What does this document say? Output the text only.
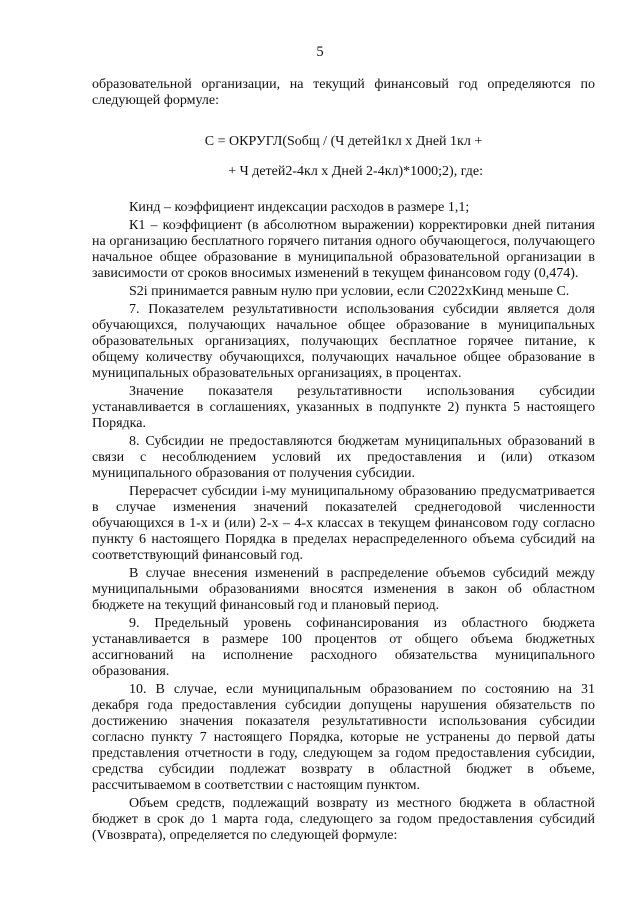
5

образовательной организации, на текущий финансовый год определяются по следующей формуле:

С = ОКРУГЛ(Sобщ / (Ч детей1кл х Дней 1кл +

+ Ч детей2-4кл х Дней 2-4кл)*1000;2), где:

Кинд – коэффициент индексации расходов в размере 1,1;

К1 – коэффициент (в абсолютном выражении) корректировки дней питания на организацию бесплатного горячего питания одного обучающегося, получающего начальное общее образование в муниципальной образовательной организации в зависимости от сроков вносимых изменений в текущем финансовом году (0,474).

S2i принимается равным нулю при условии, если С2022хКинд меньше С.

7. Показателем результативности использования субсидии является доля обучающихся, получающих начальное общее образование в муниципальных образовательных организациях, получающих бесплатное горячее питание, к общему количеству обучающихся, получающих начальное общее образование в муниципальных образовательных организациях, в процентах.

Значение показателя результативности использования субсидии устанавливается в соглашениях, указанных в подпункте 2) пункта 5 настоящего Порядка.

8. Субсидии не предоставляются бюджетам муниципальных образований в связи с несоблюдением условий их предоставления и (или) отказом муниципального образования от получения субсидии.

Перерасчет субсидии i-му муниципальному образованию предусматривается в случае изменения значений показателей среднегодовой численности обучающихся в 1-х и (или) 2-х – 4-х классах в текущем финансовом году согласно пункту 6 настоящего Порядка в пределах нераспределенного объема субсидий на соответствующий финансовый год.

В случае внесения изменений в распределение объемов субсидий между муниципальными образованиями вносятся изменения в закон об областном бюджете на текущий финансовый год и плановый период.

9. Предельный уровень софинансирования из областного бюджета устанавливается в размере 100 процентов от общего объема бюджетных ассигнований на исполнение расходного обязательства муниципального образования.

10. В случае, если муниципальным образованием по состоянию на 31 декабря года предоставления субсидии допущены нарушения обязательств по достижению значения показателя результативности использования субсидии согласно пункту 7 настоящего Порядка, которые не устранены до первой даты представления отчетности в году, следующем за годом предоставления субсидии, средства субсидии подлежат возврату в областной бюджет в объеме, рассчитываемом в соответствии с настоящим пунктом.

Объем средств, подлежащий возврату из местного бюджета в областной бюджет в срок до 1 марта года, следующего за годом предоставления субсидий (Vвозврата), определяется по следующей формуле:
